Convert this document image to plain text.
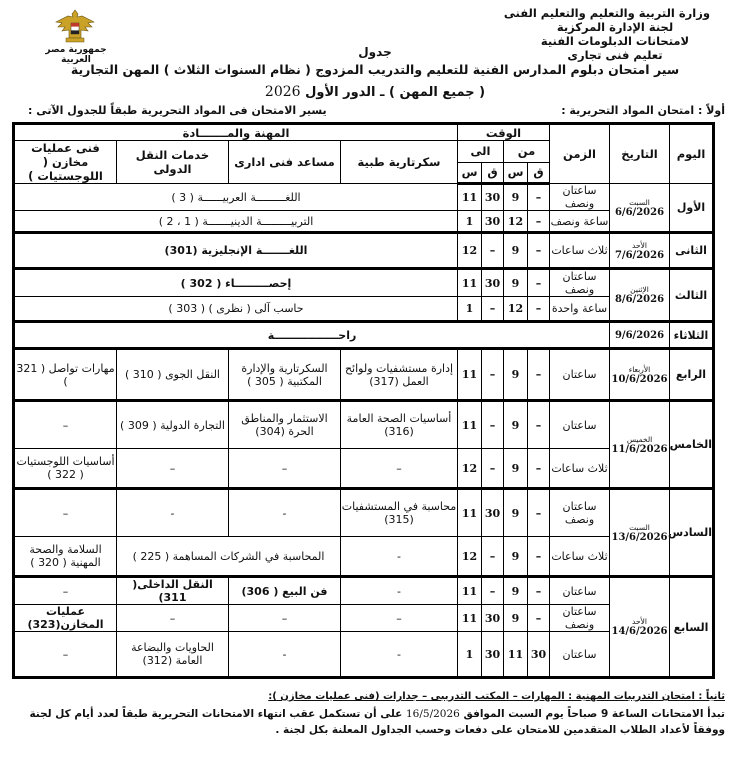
وزارة التربية والتعليم والتعليم الفنى
لجنة الإدارة المركزية
لامتحانات الدبلومات الفنية
تعليم فنى تجارى
جمهورية مصر العربية
جدول
سير امتحان دبلوم المدارس الفنية للتعليم والتدريب المزدوج ( نظام السنوات الثلاث ) المهن التجارية
( جميع المهن ) ـ الدور الأول 2026
أولاً : امتحان المواد التحريرية :
يسير الامتحان فى المواد التحريرية طبقاً للجدول الآتى :
اليوم	التاريخ	الزمن	الوقت				المهنة والمـــــــادة			
			من		الى		سكرتارية طبية	مساعد فنى ادارى	خدمات النقل الدولى	فنى عمليات مخازن ( اللوجستيات )
			ق	س	ق	س				
الأول	السبت
6/6/2026	ساعتان ونصف	–	9	30	11	اللغـــــــــة العربيــــــة ( 3 )			
		ساعة ونصف	–	12	30	1	التربيـــــــــة الدينيـــــــة ( 1 ، 2 )			
الثانى	الأحد
7/6/2026	ثلاث ساعات	–	9	–	12	اللغـــــــة الإنجليزية (301)			
الثالث	الإثنين
8/6/2026	ساعتان ونصف	–	9	30	11	إحصـــــــــاء ( 302 )			
		ساعة واحدة	–	12	–	1	حاسب آلى ( نظرى ) ( 303 )			
الثلاثاء	9/6/2026	راحـــــــــــــــــة								
الرابع	الأربعاء
10/6/2026	ساعتان	–	9	–	11	إدارة مستشفيات ولوائح العمل (317)	السكرتارية والإدارة المكتبية ( 305 )	النقل الجوى ( 310 )	مهارات تواصل ( 321 )
الخامس	الخميس
11/6/2026	ساعتان	–	9	–	11	أساسيات الصحة العامة (316)	الاستثمار والمناطق الحرة (304)	التجارة الدولية ( 309 )	–
		ثلاث ساعات	–	9	–	12	–	–	–	أساسيات اللوجستيات ( 322 )
السادس	السبت
13/6/2026	ساعتان ونصف	–	9	30	11	محاسبة في المستشفيات (315)	-	-	–
		ثلاث ساعات	–	9	–	12	-	المحاسبة في الشركات المساهمة ( 225 )		السلامة والصحة المهنية ( 320 )
السابع	الأحد
14/6/2026	ساعتان	–	9	–	11	-	فن البيع ( 306)	النقل الداخلى( 311)	–
		ساعتان ونصف	–	9	30	11	–	–	–	عمليات المخازن(323)
		ساعتان	30	11	30	1	-	-	الحاويات والبضاعة العامة (312)	–
ثانياً : امتحان التدريبات المهنية : المهارات – المكتب التدريبى – جدارات (فنى عمليات مخازن ):
تبدأ الامتحانات الساعة 9 صباحاً يوم السبت الموافق 16/5/2026 على أن تستكمل عقب انتهاء الامتحانات التحريرية طبقاً لعدد أيام كل لجنة ووفقاً لأعداد الطلاب المتقدمين للامتحان على دفعات وحسب الجداول المعلنة بكل لجنة .
